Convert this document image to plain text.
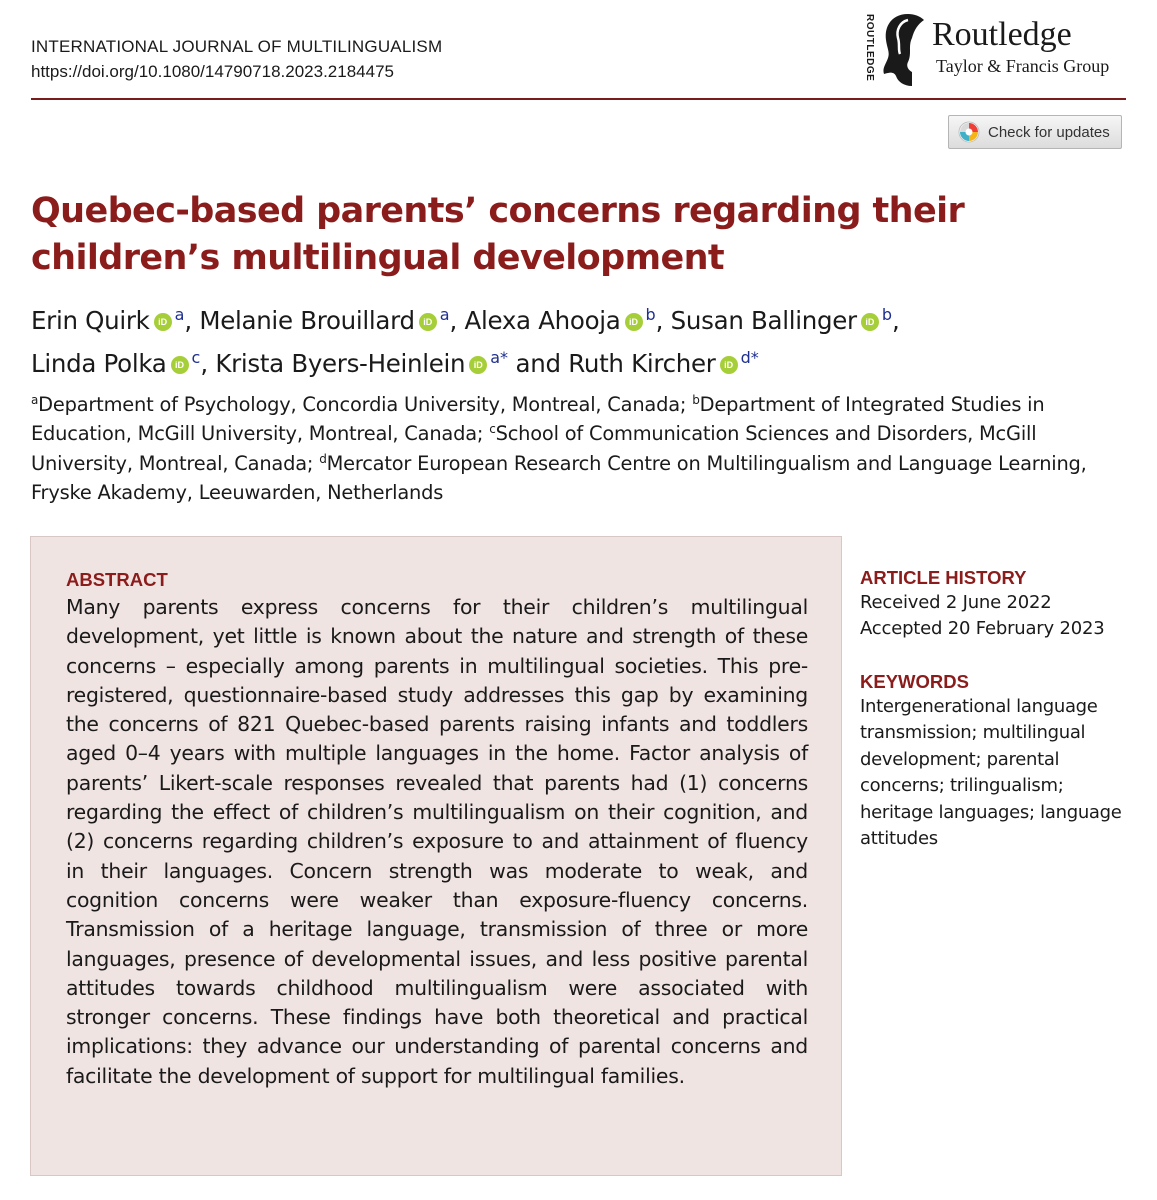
INTERNATIONAL JOURNAL OF MULTILINGUALISM
https://doi.org/10.1080/14790718.2023.2184475	ROUTLEDGE Routledge
Taylor & Francis Group
Check for updates
Quebec-based parents’ concerns regarding their children’s multilingual development
Erin Quirk iD $^a$, Melanie Brouillard iD $^a$, Alexa Ahooja iD $^b$, Susan Ballinger iD $^b$,
Linda Polka iD $^c$, Krista Byers-Heinlein iD $^{a*}$ and Ruth Kircher iD $^{d*}$
$^a$Department of Psychology, Concordia University, Montreal, Canada; $^b$Department of Integrated Studies in Education, McGill University, Montreal, Canada; $^c$School of Communication Sciences and Disorders, McGill University, Montreal, Canada; $^d$Mercator European Research Centre on Multilingualism and Language Learning, Fryske Akademy, Leeuwarden, Netherlands
ABSTRACT

Many parents express concerns for their children’s multilingual development, yet little is known about the nature and strength of these concerns – especially among parents in multilingual societies. This pre-registered, questionnaire-based study addresses this gap by examining the concerns of 821 Quebec-based parents raising infants and toddlers aged 0–4 years with multiple languages in the home. Factor analysis of parents’ Likert-scale responses revealed that parents had (1) concerns regarding the effect of children’s multilingualism on their cognition, and (2) concerns regarding children’s exposure to and attainment of fluency in their languages. Concern strength was moderate to weak, and cognition concerns were weaker than exposure-fluency concerns. Transmission of a heritage language, transmission of three or more languages, presence of developmental issues, and less positive parental attitudes towards childhood multilingualism were associated with stronger concerns. These findings have both theoretical and practical implications: they advance our understanding of parental concerns and facilitate the development of support for multilingual families.

ARTICLE HISTORY
Received 2 June 2022
Accepted 20 February 2023
KEYWORDS

Intergenerational language transmission; multilingual development; parental concerns; trilingualism; heritage languages; language attitudes
